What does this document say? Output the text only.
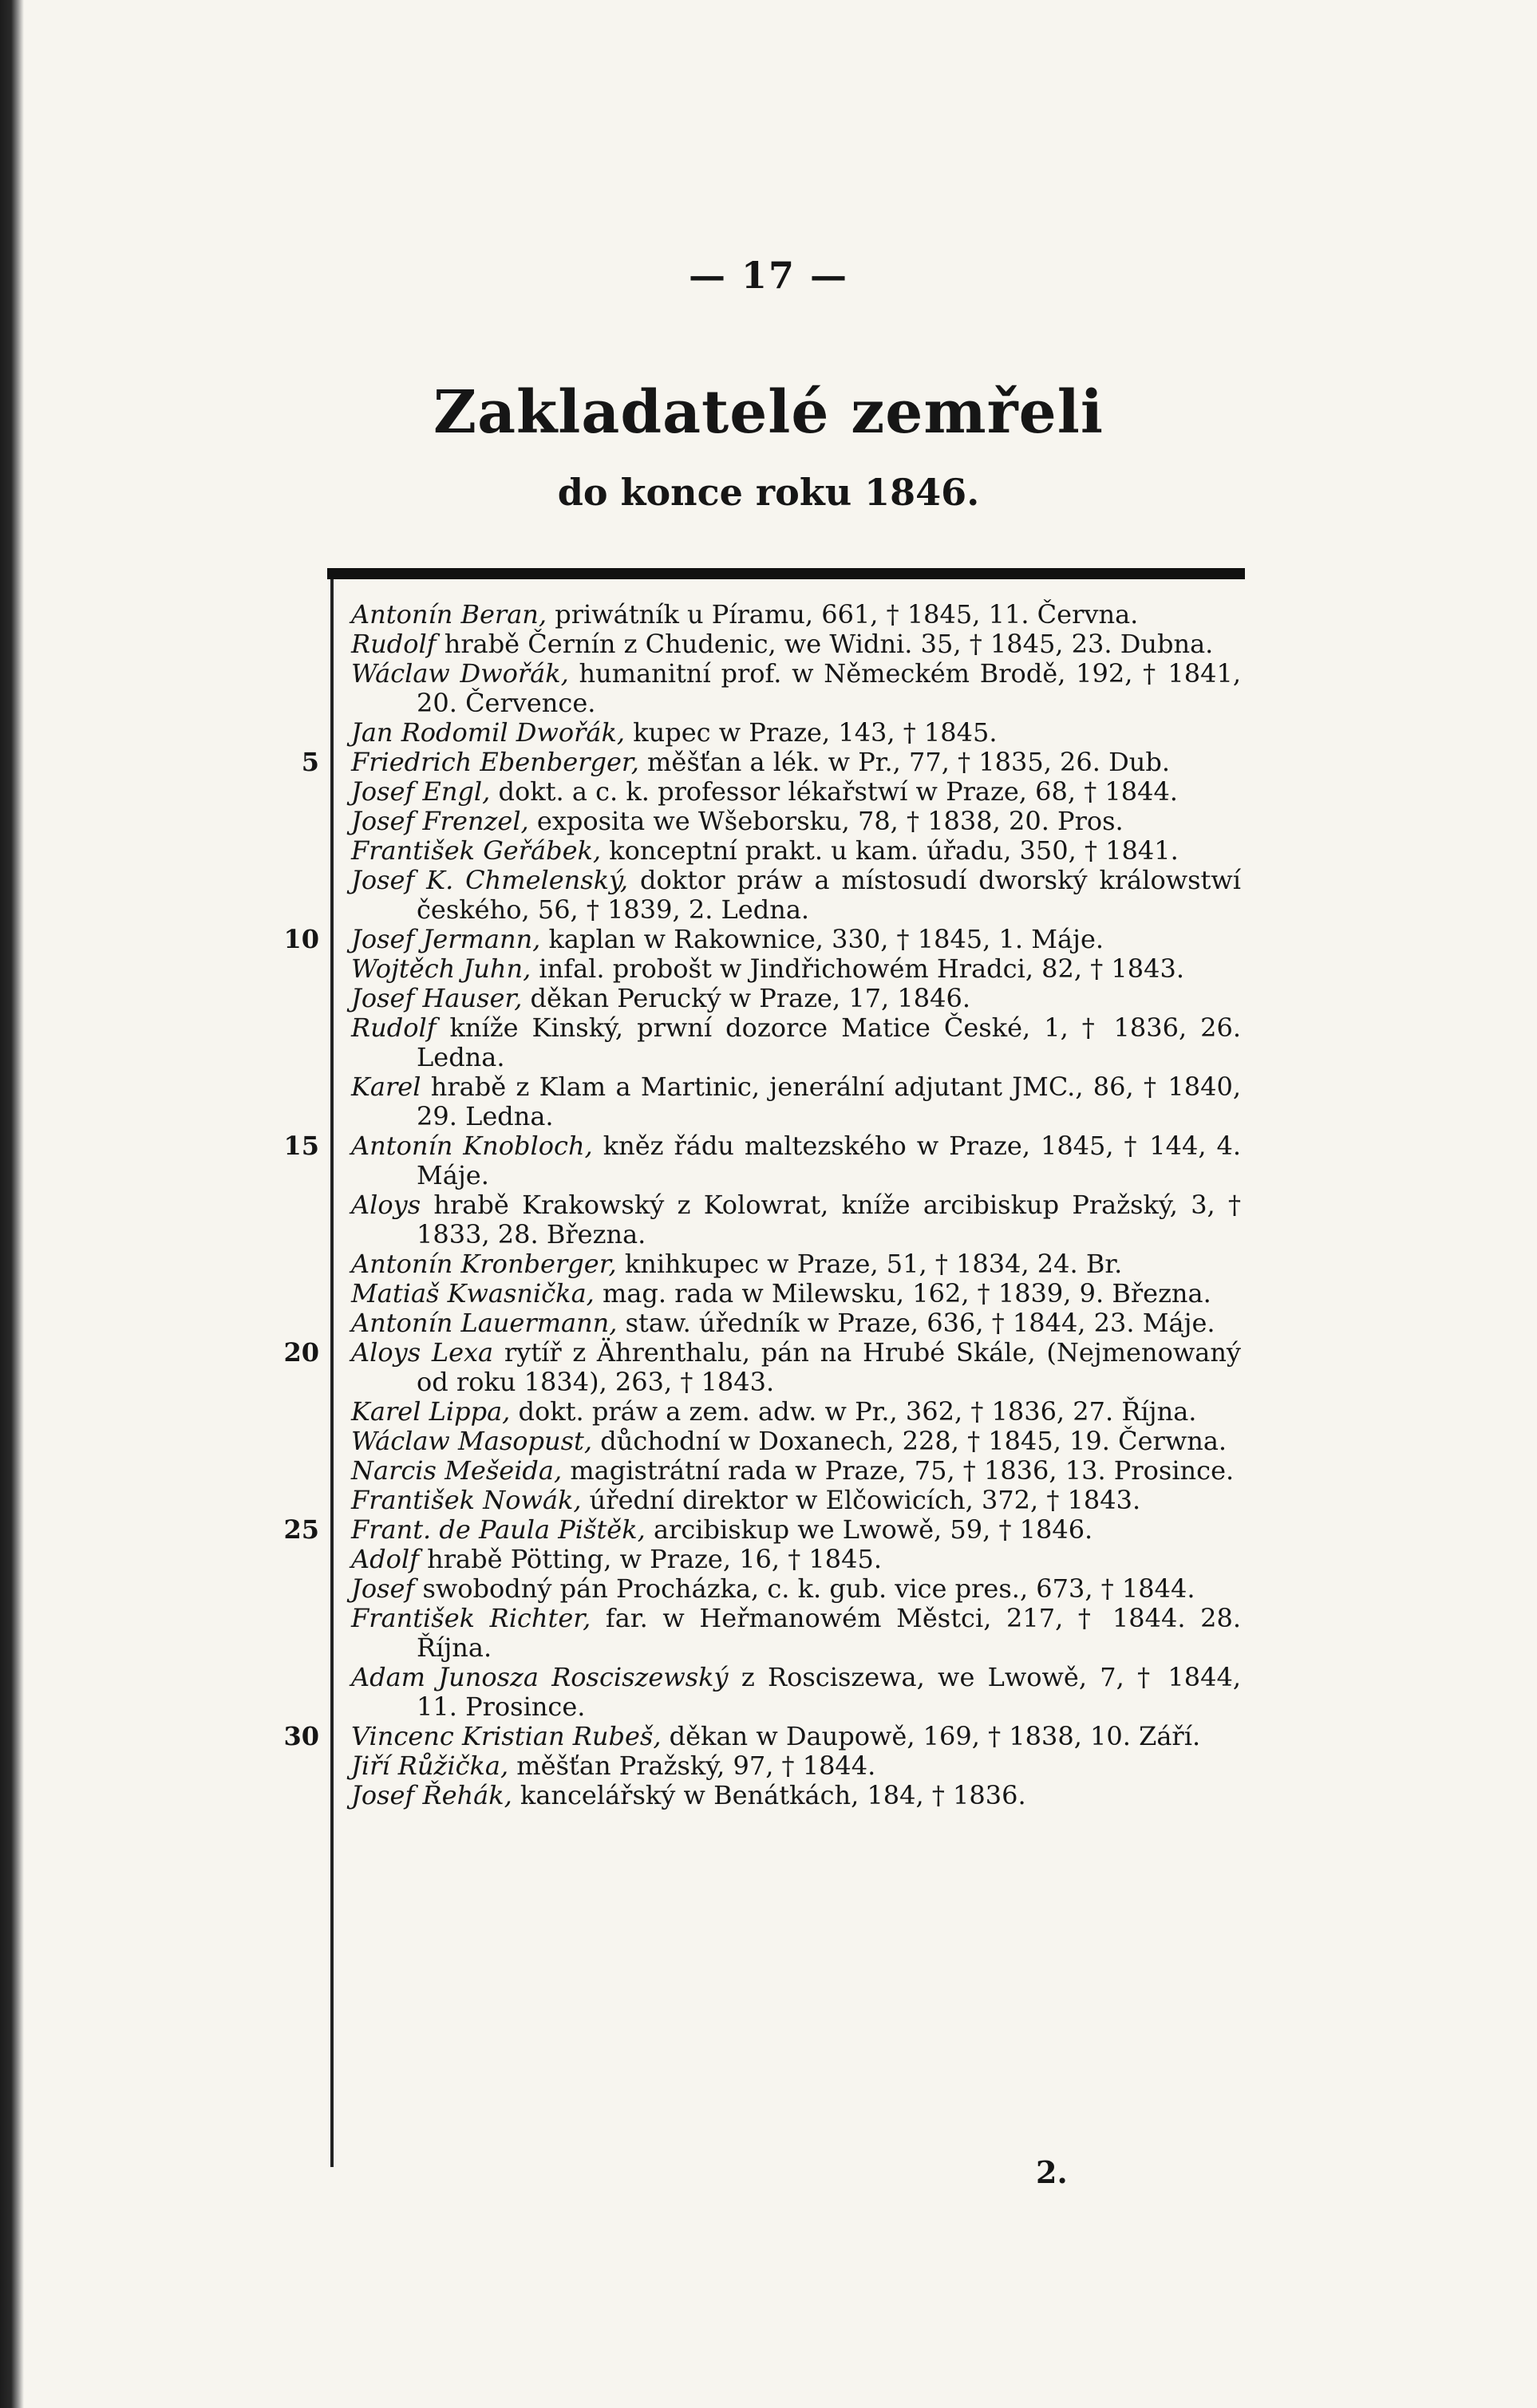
— 17 —
Zakladatelé zemřeli
do konce roku 1846.
Antonín Beran, priwátník u Píramu, 661, † 1845, 11. Června.
Rudolf hrabě Černín z Chudenic, we Widni. 35, † 1845, 23. Dubna.
Wáclaw Dwořák, humanitní prof. w Německém Brodě, 192, † 1841, 20. Července.
Jan Rodomil Dwořák, kupec w Praze, 143, † 1845.
5 Friedrich Ebenberger, měšťan a lék. w Pr., 77, † 1835, 26. Dub.
Josef Engl, dokt. a c. k. professor lékařstwí w Praze, 68, † 1844.
Josef Frenzel, exposita we Wšeborsku, 78, † 1838, 20. Pros.
František Geřábek, konceptní prakt. u kam. úřadu, 350, † 1841.
Josef K. Chmelenský, doktor práw a místosudí dworský králowstwí českého, 56, † 1839, 2. Ledna.
10 Josef Jermann, kaplan w Rakownice, 330, † 1845, 1. Máje.
Wojtěch Juhn, infal. probošt w Jindřichowém Hradci, 82, † 1843.
Josef Hauser, děkan Perucký w Praze, 17, 1846.
Rudolf kníže Kinský, prwní dozorce Matice České, 1, † 1836, 26. Ledna.
Karel hrabě z Klam a Martinic, jenerální adjutant JMC., 86, † 1840, 29. Ledna.
15 Antonín Knobloch, kněz řádu maltezského w Praze, 1845, † 144, 4. Máje.
Aloys hrabě Krakowský z Kolowrat, kníže arcibiskup Pražský, 3, † 1833, 28. Března.
Antonín Kronberger, knihkupec w Praze, 51, † 1834, 24. Br.
Matiaš Kwasnička, mag. rada w Milewsku, 162, † 1839, 9. Března.
Antonín Lauermann, staw. úředník w Praze, 636, † 1844, 23. Máje.
20 Aloys Lexa rytíř z Ährenthalu, pán na Hrubé Skále, (Nejmenowaný od roku 1834), 263, † 1843.
Karel Lippa, dokt. práw a zem. adw. w Pr., 362, † 1836, 27. Října.
Wáclaw Masopust, důchodní w Doxanech, 228, † 1845, 19. Čerwna.
Narcis Mešeida, magistrátní rada w Praze, 75, † 1836, 13. Prosince.
František Nowák, úřední direktor w Elčowicích, 372, † 1843.
25 Frant. de Paula Pištěk, arcibiskup we Lwowě, 59, † 1846.
Adolf hrabě Pötting, w Praze, 16, † 1845.
Josef swobodný pán Procházka, c. k. gub. vice pres., 673, † 1844.
František Richter, far. w Heřmanowém Městci, 217, † 1844. 28. Října.
Adam Junosza Rosciszewský z Rosciszewa, we Lwowě, 7, † 1844, 11. Prosince.
30 Vincenc Kristian Rubeš, děkan w Daupowě, 169, † 1838, 10. Září.
Jiří Růžička, měšťan Pražský, 97, † 1844.
Josef Řehák, kancelářský w Benátkách, 184, † 1836.
2.
